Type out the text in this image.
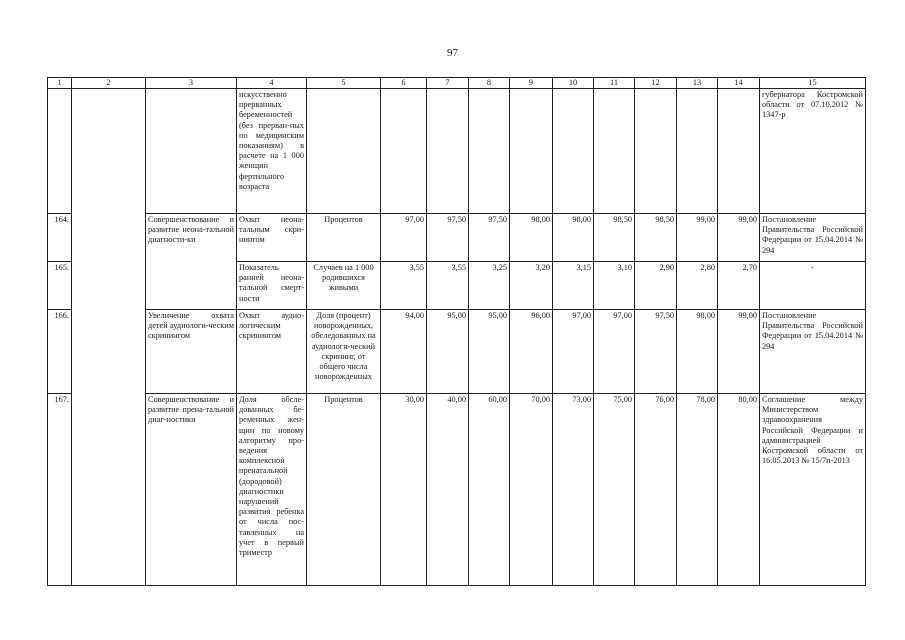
97
1	2	3	4	5	6	7	8	9	10	11	12	13	14	15
			искусственно прерванных беременностей (без прерван-ных по медицинским показаниям) в расчете на 1 000 женщин фертильного возраста											губернатора Костромской области от 07.10.2012 № 1347-р
164.		Совершенствование и развитие неона-тальной диагности-ки	Охват неона-тальным скри-нингом	Процентов	97,00	97,50	97,50	98,00	98,00	98,50	98,50	99,00	99,00	Постановление Правительства Российской Федерации от 15.04.2014 № 294
165.			Показатель ранней неона-тальной смерт-ности	Случаев на 1 000 родившихся живыми	3,55	3,55	3,25	3,20	3,15	3,10	2,90	2,80	2,70	-
166.		Увеличение охвата детей аудиологи-ческим скринингом	Охват аудио-логическим скринингом	Доля (процент) новорожденных, обследованных на аудиологи-ческий скрининг, от общего числа новорожденных	94,00	95,00	95,00	96,00	97,00	97,00	97,50	98,00	99,00	Постановление Правительства Российской Федерации от 15.04.2014 № 294
167.		Совершенствование и развитие прена-тальной диаг-ностики	Доля обсле-дованных бе-ременных жен-щин по новому алгоритму про-ведения комплексной пренатальной (дородовой) диагностики нарушений развития ребенка от числа пос-тавленных на учет в первый триместр	Процентов	30,00	40,00	60,00	70,00	73,00	75,00	76,00	78,00	80,00	Соглашение между Министерством здравоохранения Российской Федерации и администрацией Костромской области от 16.05.2013 № 15/7п-2013
